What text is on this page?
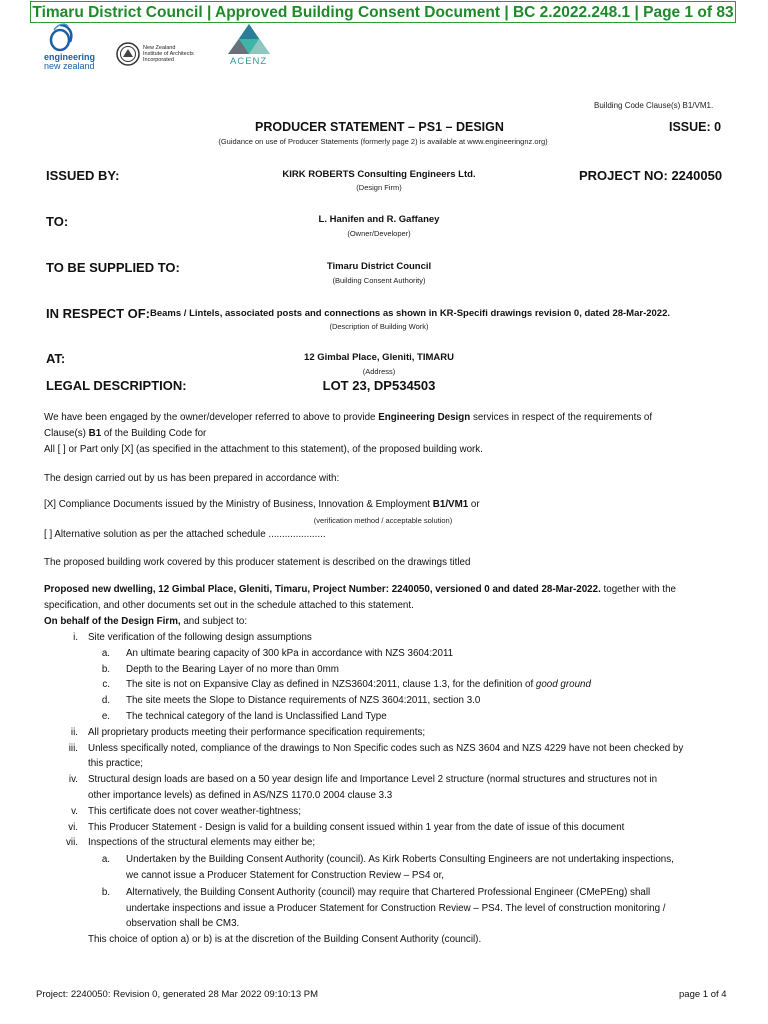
Timaru District Council | Approved Building Consent Document | BC 2.2022.248.1 | Page 1 of 83
engineering
new zealand
New Zealand
Institute of Architects
Incorporated	ACENZ
Building Code Clause(s) B1/VM1.
PRODUCER STATEMENT – PS1 – DESIGN	ISSUE: 0
(Guidance on use of Producer Statements (formerly page 2) is available at www.engineeringnz.org)
ISSUED BY:	KIRK ROBERTS Consulting Engineers Ltd.
(Design Firm)
PROJECT NO: 2240050
TO:	L. Hanifen and R. Gaffaney
(Owner/Developer)
TO BE SUPPLIED TO:	Timaru District Council
(Building Consent Authority)
IN RESPECT OF: Beams / Lintels, associated posts and connections as shown in KR-Specifi drawings revision 0, dated 28-Mar-2022.
(Description of Building Work)
AT:	12 Gimbal Place, Gleniti, TIMARU
(Address)
LEGAL DESCRIPTION:	LOT 23, DP534503
We have been engaged by the owner/developer referred to above to provide Engineering Design services in respect of the requirements of
Clause(s) B1 of the Building Code for
All [ ] or Part only [X] (as specified in the attachment to this statement), of the proposed building work.
The design carried out by us has been prepared in accordance with:
[X] Compliance Documents issued by the Ministry of Business, Innovation & Employment B1/VM1 or
(verification method / acceptable solution)
[ ] Alternative solution as per the attached schedule .....................
The proposed building work covered by this producer statement is described on the drawings titled
Proposed new dwelling, 12 Gimbal Place, Gleniti, Timaru, Project Number: 2240050, versioned 0 and dated 28-Mar-2022. together with the
specification, and other documents set out in the schedule attached to this statement.
On behalf of the Design Firm, and subject to:
i. Site verification of the following design assumptions
a. An ultimate bearing capacity of 300 kPa in accordance with NZS 3604:2011
b. Depth to the Bearing Layer of no more than 0mm
c. The site is not on Expansive Clay as defined in NZS3604:2011, clause 1.3, for the definition of good ground
d. The site meets the Slope to Distance requirements of NZS 3604:2011, section 3.0
e. The technical category of the land is Unclassified Land Type
ii. All proprietary products meeting their performance specification requirements;
iii. Unless specifically noted, compliance of the drawings to Non Specific codes such as NZS 3604 and NZS 4229 have not been checked by
this practice;
iv. Structural design loads are based on a 50 year design life and Importance Level 2 structure (normal structures and structures not in
other importance levels) as defined in AS/NZS 1170.0 2004 clause 3.3
v. This certificate does not cover weather-tightness;
vi. This Producer Statement - Design is valid for a building consent issued within 1 year from the date of issue of this document
vii. Inspections of the structural elements may either be;
a. Undertaken by the Building Consent Authority (council). As Kirk Roberts Consulting Engineers are not undertaking inspections,
we cannot issue a Producer Statement for Construction Review – PS4 or,
b. Alternatively, the Building Consent Authority (council) may require that Chartered Professional Engineer (CMePEng) shall
undertake inspections and issue a Producer Statement for Construction Review – PS4. The level of construction monitoring /
observation shall be CM3.
This choice of option a) or b) is at the discretion of the Building Consent Authority (council).
Project: 2240050: Revision 0, generated 28 Mar 2022 09:10:13 PM	page 1 of 4
